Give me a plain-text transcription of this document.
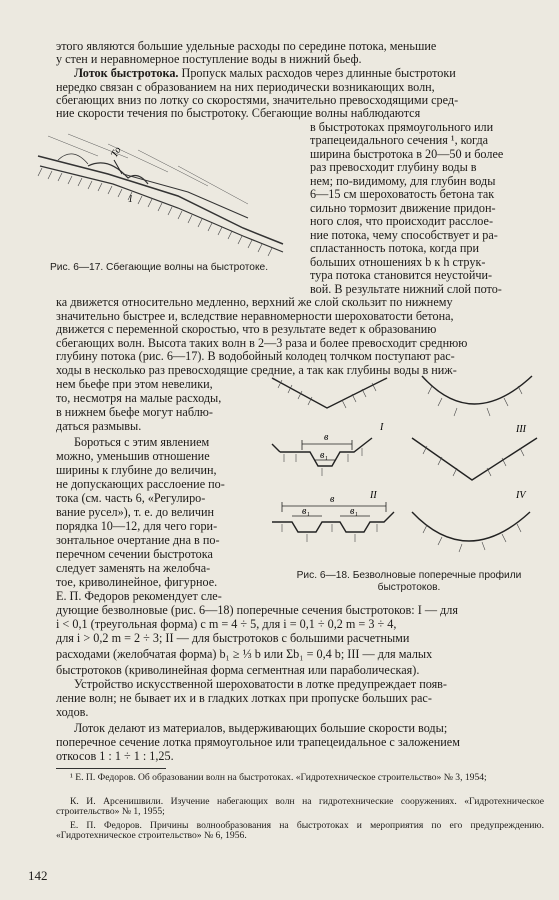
этого являются большие удельные расходы по середине потока, меньшие

у стен и неравномерное поступление воды в нижний бьеф.

Лоток быстротока. Пропуск малых расходов через длинные быстротоки

нередко связан с образованием на них периодически возникающих волн,

сбегающих вниз по лотку со скоростями, значительно превосходящими сред-

ние скорости течения по быстротоку. Сбегающие волны наблюдаются

То
1

Рис. 6—17. Сбегающие волны на быстротоке.

в быстротоках прямоугольного или

трапецеидального сечения ¹, когда

ширина быстротока в 20—50 и более

раз превосходит глубину воды в

нем; по-видимому, для глубин воды

6—15 см шероховатость бетона так

сильно тормозит движение придон-

ного слоя, что происходит расслое-

ние потока, чему способствует и ра-

спластанность потока, когда при

больших отношениях b к h струк-

тура потока становится неустойчи-

вой. В результате нижний слой пото-

ка движется относительно медленно, верхний же слой скользит по нижнему

значительно быстрее и, вследствие неравномерности шероховатости бетона,

движется с переменной скоростью, что в результате ведет к образованию

сбегающих волн. Высота таких волн в 2—3 раза и более превосходит среднюю

глубину потока (рис. 6—17). В водобойный колодец толчком поступают рас-

ходы в несколько раз превосходящие средние, а так как глубины воды в ниж-

нем бьефе при этом невелики,

то, несмотря на малые расходы,

в нижнем бьефе могут наблю-

даться размывы.

Бороться с этим явлением

можно, уменьшив отношение

ширины к глубине до величин,

не допускающих расслоение по-

тока (см. часть 6, «Регулиро-

вание русел»), т. е. до величин

порядка 10—12, для чего гори-

зонтальное очертание дна в по-

перечном сечении быстротока

следует заменять на желобча-

тое, криволинейное, фигурное.

Е. П. Федоров рекомендует сле-

в
в₁
в
в₁	в₁
I	III
II	IV

Рис. 6—18. Безволновые поперечные профили быстротоков.

дующие безволновые (рис. 6—18) поперечные сечения быстротоков: I — для

i < 0,1 (треугольная форма) с m = 4 ÷ 5, для i = 0,1 ÷ 0,2 m = 3 ÷ 4,

для i > 0,2 m = 2 ÷ 3; II — для быстротоков с большими расчетными

расходами (желобчатая форма) b₁ ≥ ⅓ b или Σb₁ = 0,4 b; III — для малых

быстротоков (криволинейная форма сегментная или параболическая).

Устройство искусственной шероховатости в лотке предупреждает появ-

ление волн; не бывает их и в гладких лотках при пропуске больших рас-

ходов.

Лоток делают из материалов, выдерживающих большие скорости воды;

поперечное сечение лотка прямоугольное или трапецеидальное с заложением

откосов 1 : 1 ÷ 1 : 1,25.

¹ Е. П. Федоров. Об образовании волн на быстротоках. «Гидротехническое строительство» № 3, 1954;

К. И. Арсенишвили. Изучение набегающих волн на гидротехнические сооружениях. «Гидротехническое строительство» № 1, 1955;

Е. П. Федоров. Причины волнообразования на быстротоках и мероприятия по его предупреждению. «Гидротехническое строительство» № 6, 1956.

142
